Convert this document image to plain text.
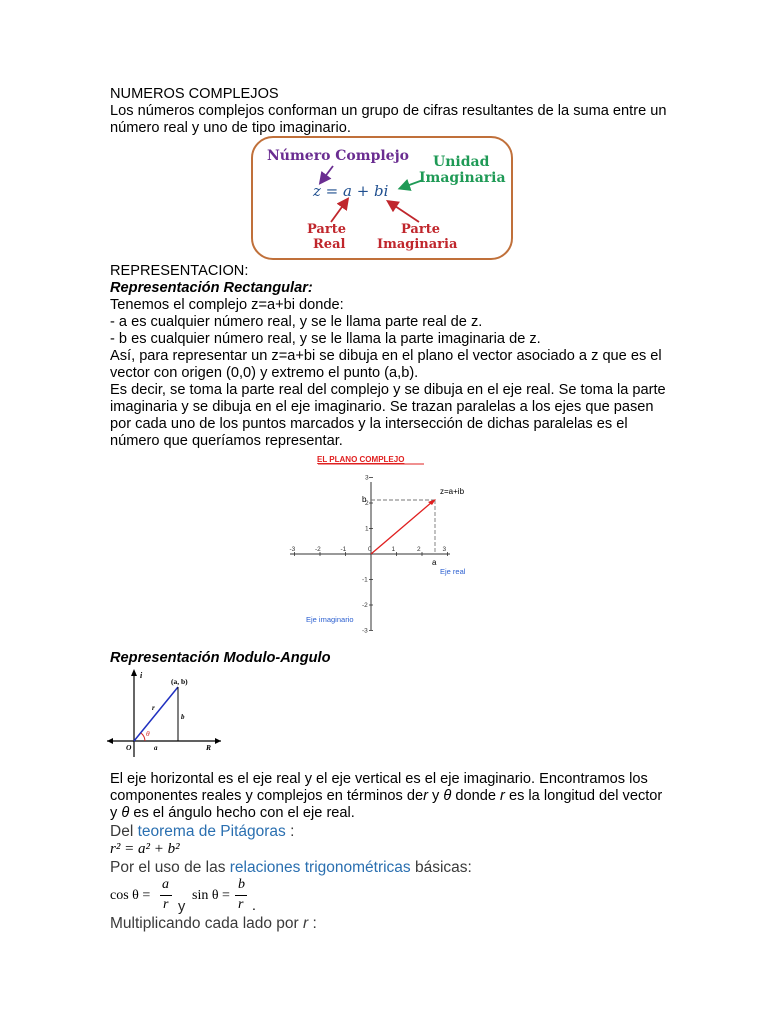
NUMEROS COMPLEJOS
Los números complejos conforman un grupo de cifras resultantes de la suma entre un
número real y uno de tipo imaginario.
Número Complejo Unidad
Imaginaria
z = a + bi
Parte
Real
Parte
Imaginaria
REPRESENTACION:
Representación Rectangular:
Tenemos el complejo z=a+bi donde:
- a es cualquier número real, y se le llama parte real de z.
- b es cualquier número real, y se le llama la parte imaginaria de z.
Así, para representar un z=a+bi se dibuja en el plano el vector asociado a z que es el
vector con origen (0,0) y extremo el punto (a,b).
Es decir, se toma la parte real del complejo y se dibuja en el eje real. Se toma la parte
imaginaria y se dibuja en el eje imaginario. Se trazan paralelas a los ejes que pasen
por cada uno de los puntos marcados y la intersección de dichas paralelas es el
número que queríamos representar.
EL PLANO COMPLEJO
-3	-2	-1	0	1	2	3
3
2
1
-1
-2
-3
z=a+ib
b
a
Eje real
Eje imaginario
Representación Modulo-Angulo
i
(a, b)
r
b
θ
O	a	R
El eje horizontal es el eje real y el eje vertical es el eje imaginario. Encontramos los
componentes reales y complejos en términos der y θ donde r es la longitud del vector
y θ es el ángulo hecho con el eje real.
Del teorema de Pitágoras :
r² = a² + b²
Por el uso de las relaciones trigonométricas básicas:
cos θ =
a
r y
sin θ =
b
r .
Multiplicando cada lado por r :
